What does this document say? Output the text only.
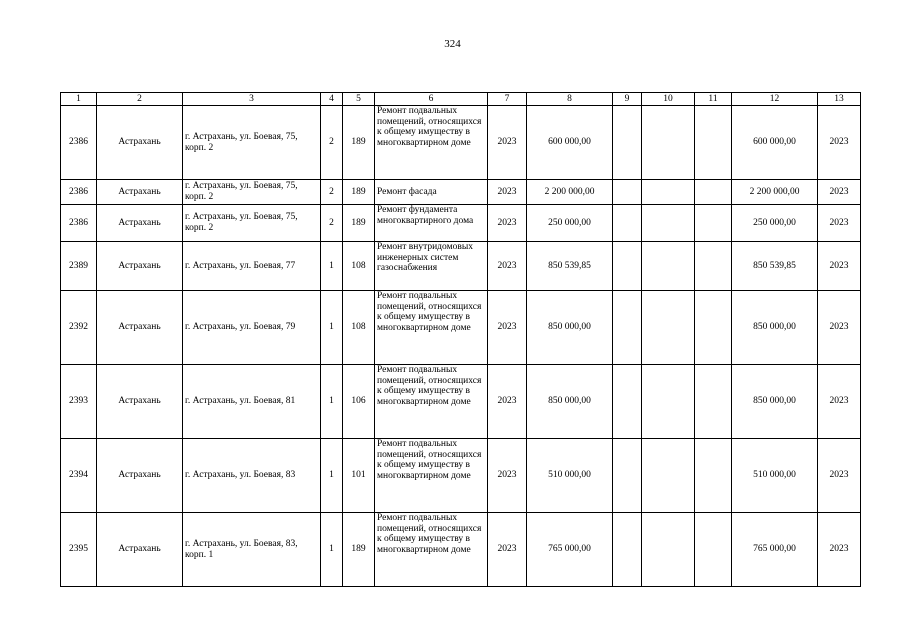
324
1	2	3	4	5	6	7	8	9	10	11	12	13
2386	Астрахань	г. Астрахань, ул. Боевая, 75, корп. 2	2	189	Ремонт подвальных помещений, относящихся к общему имуществу в многоквартирном доме	2023	600 000,00				600 000,00	2023
2386	Астрахань	г. Астрахань, ул. Боевая, 75, корп. 2	2	189	Ремонт фасада	2023	2 200 000,00				2 200 000,00	2023
2386	Астрахань	г. Астрахань, ул. Боевая, 75, корп. 2	2	189	Ремонт фундамента многоквартирного дома	2023	250 000,00				250 000,00	2023
2389	Астрахань	г. Астрахань, ул. Боевая, 77	1	108	Ремонт внутридомовых инженерных систем газоснабжения	2023	850 539,85				850 539,85	2023
2392	Астрахань	г. Астрахань, ул. Боевая, 79	1	108	Ремонт подвальных помещений, относящихся к общему имуществу в многоквартирном доме	2023	850 000,00				850 000,00	2023
2393	Астрахань	г. Астрахань, ул. Боевая, 81	1	106	Ремонт подвальных помещений, относящихся к общему имуществу в многоквартирном доме	2023	850 000,00				850 000,00	2023
2394	Астрахань	г. Астрахань, ул. Боевая, 83	1	101	Ремонт подвальных помещений, относящихся к общему имуществу в многоквартирном доме	2023	510 000,00				510 000,00	2023
2395	Астрахань	г. Астрахань, ул. Боевая, 83, корп. 1	1	189	Ремонт подвальных помещений, относящихся к общему имуществу в многоквартирном доме	2023	765 000,00				765 000,00	2023
